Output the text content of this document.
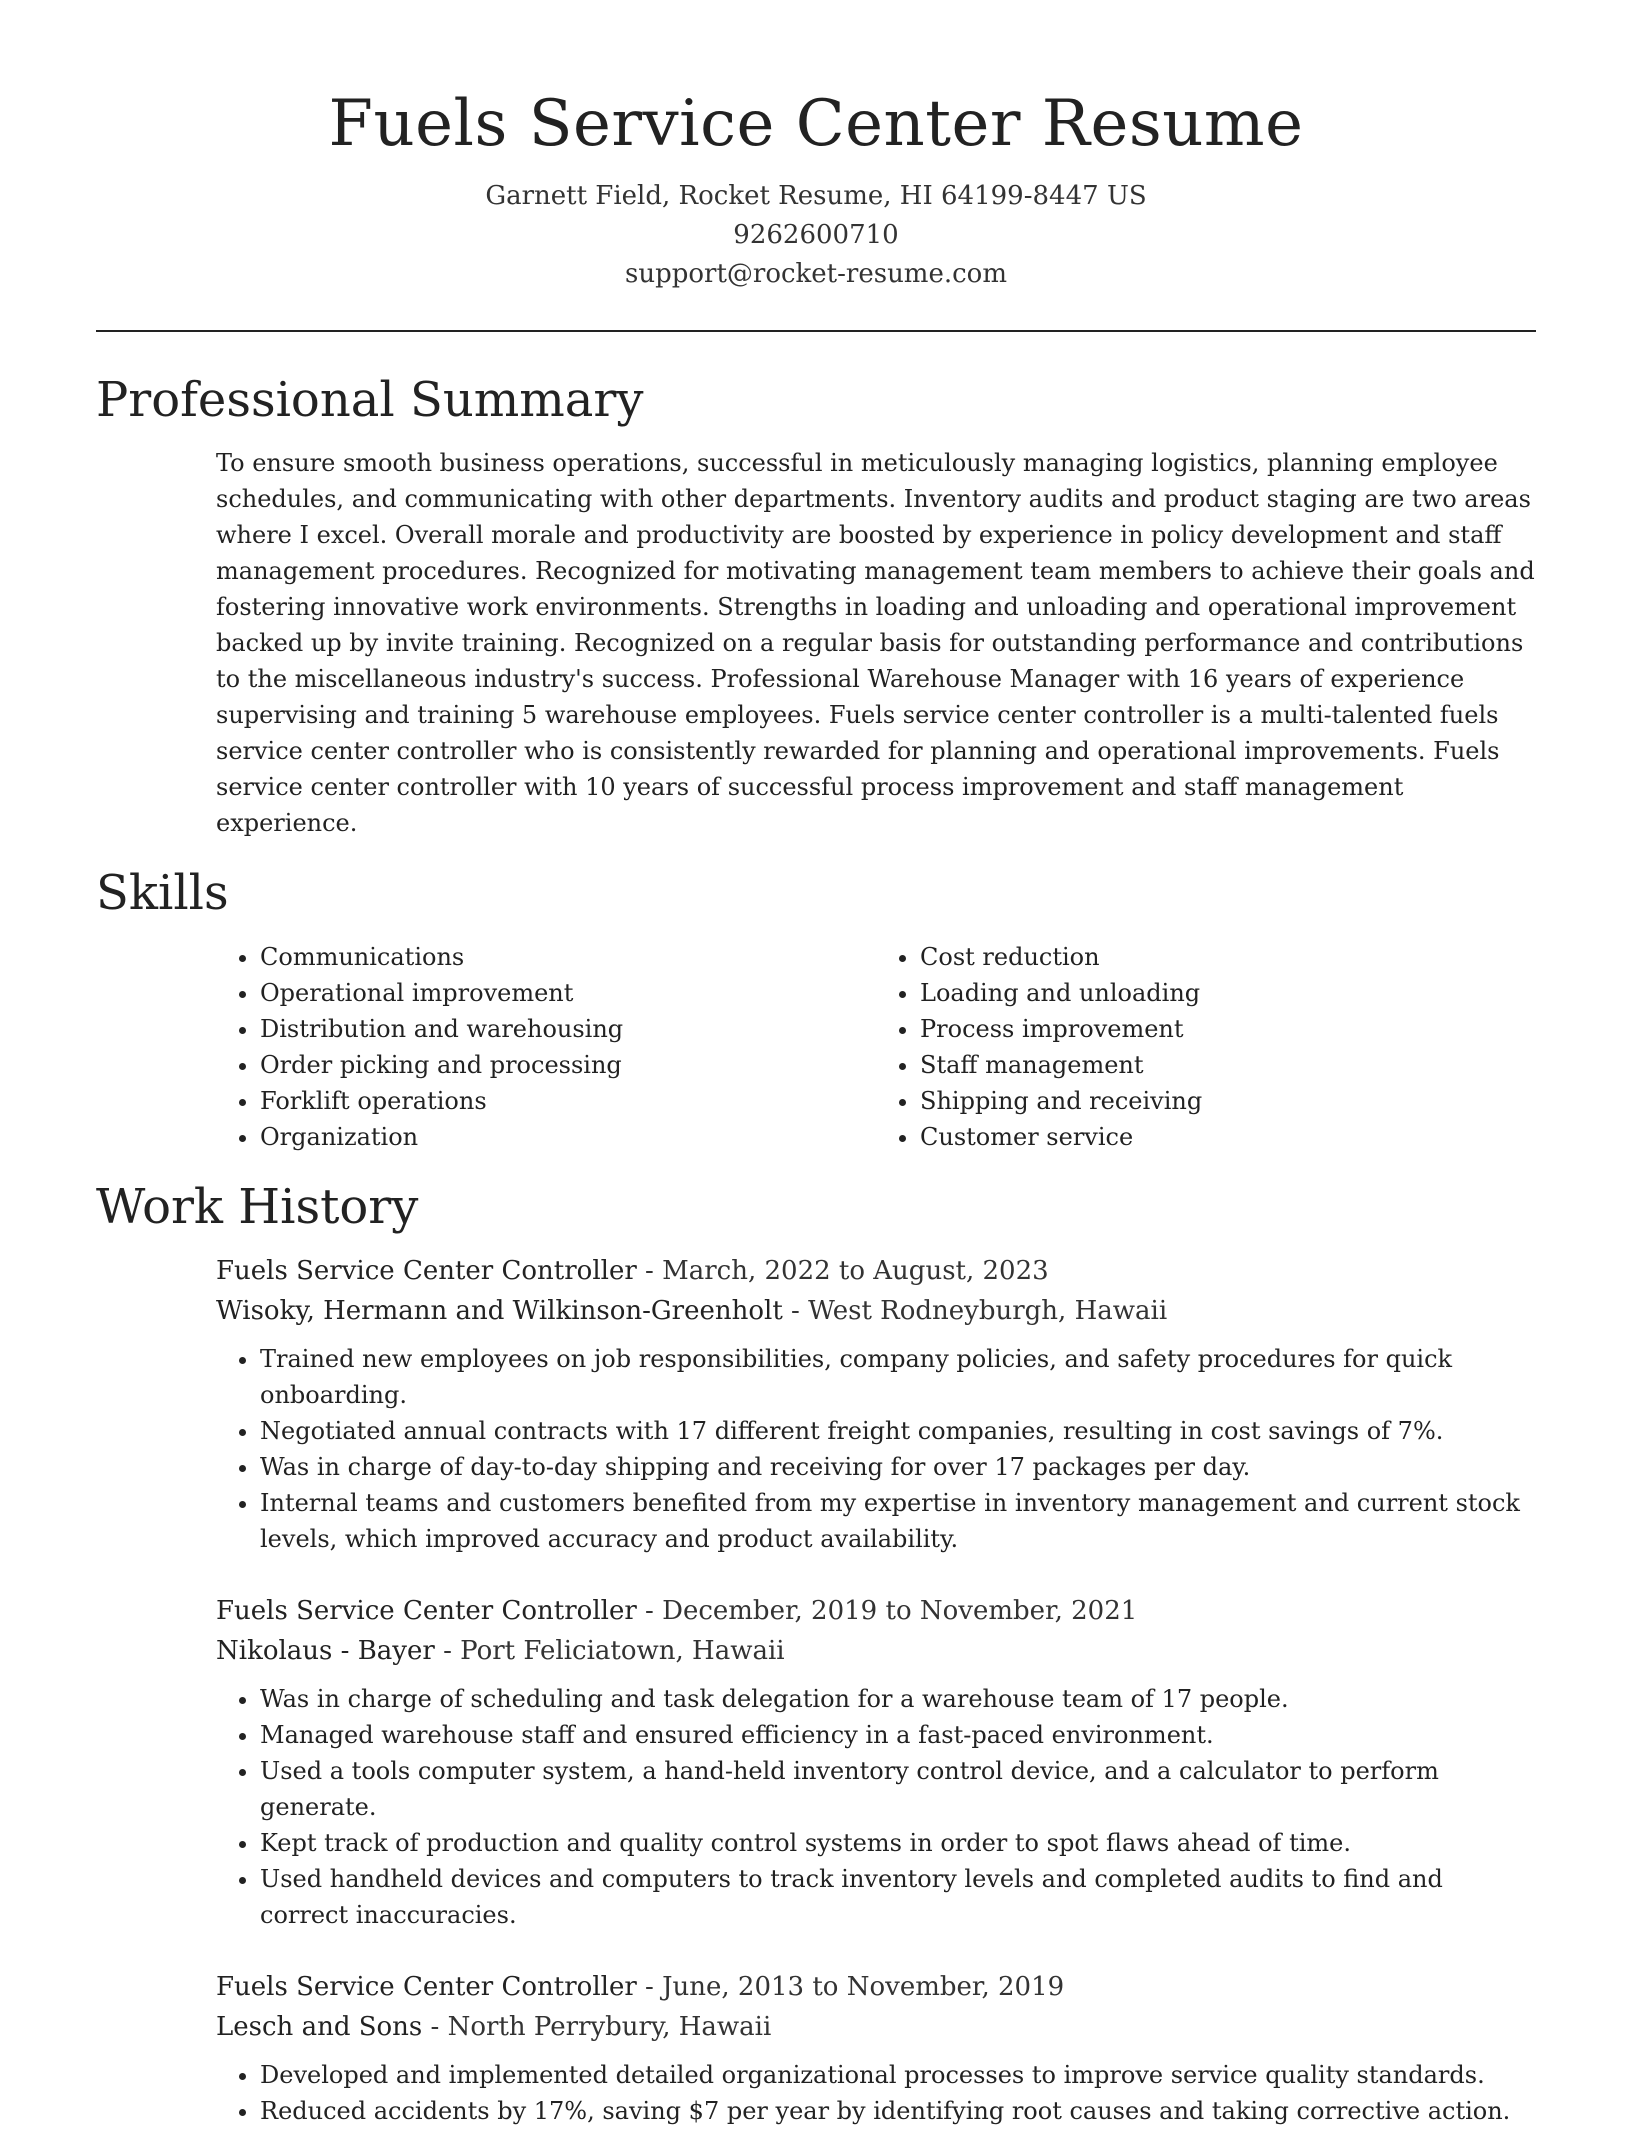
Fuels Service Center Resume
Garnett Field, Rocket Resume, HI 64199-8447 US
9262600710
support@rocket-resume.com
Professional Summary

To ensure smooth business operations, successful in meticulously managing logistics, planning employee schedules, and communicating with other departments. Inventory audits and product staging are two areas where I excel. Overall morale and productivity are boosted by experience in policy development and staff management procedures. Recognized for motivating management team members to achieve their goals and fostering innovative work environments. Strengths in loading and unloading and operational improvement backed up by invite training. Recognized on a regular basis for outstanding performance and contributions to the miscellaneous industry's success. Professional Warehouse Manager with 16 years of experience supervising and training 5 warehouse employees. Fuels service center controller is a multi-talented fuels service center controller who is consistently rewarded for planning and operational improvements. Fuels service center controller with 10 years of successful process improvement and staff management experience.

Skills
• Communications
• Operational improvement
• Distribution and warehousing
• Order picking and processing
• Forklift operations
• Organization
• Cost reduction
• Loading and unloading
• Process improvement
• Staff management
• Shipping and receiving
• Customer service
Work History
Fuels Service Center Controller - March, 2022 to August, 2023
Wisoky, Hermann and Wilkinson-Greenholt - West Rodneyburgh, Hawaii
• Trained new employees on job responsibilities, company policies, and safety procedures for quick onboarding.
• Negotiated annual contracts with 17 different freight companies, resulting in cost savings of 7%.
• Was in charge of day-to-day shipping and receiving for over 17 packages per day.
• Internal teams and customers benefited from my expertise in inventory management and current stock levels, which improved accuracy and product availability.
Fuels Service Center Controller - December, 2019 to November, 2021
Nikolaus - Bayer - Port Feliciatown, Hawaii
• Was in charge of scheduling and task delegation for a warehouse team of 17 people.
• Managed warehouse staff and ensured efficiency in a fast-paced environment.
• Used a tools computer system, a hand-held inventory control device, and a calculator to perform generate.
• Kept track of production and quality control systems in order to spot flaws ahead of time.
• Used handheld devices and computers to track inventory levels and completed audits to find and correct inaccuracies.
Fuels Service Center Controller - June, 2013 to November, 2019
Lesch and Sons - North Perrybury, Hawaii
• Developed and implemented detailed organizational processes to improve service quality standards.
• Reduced accidents by 17%, saving $7 per year by identifying root causes and taking corrective action.
